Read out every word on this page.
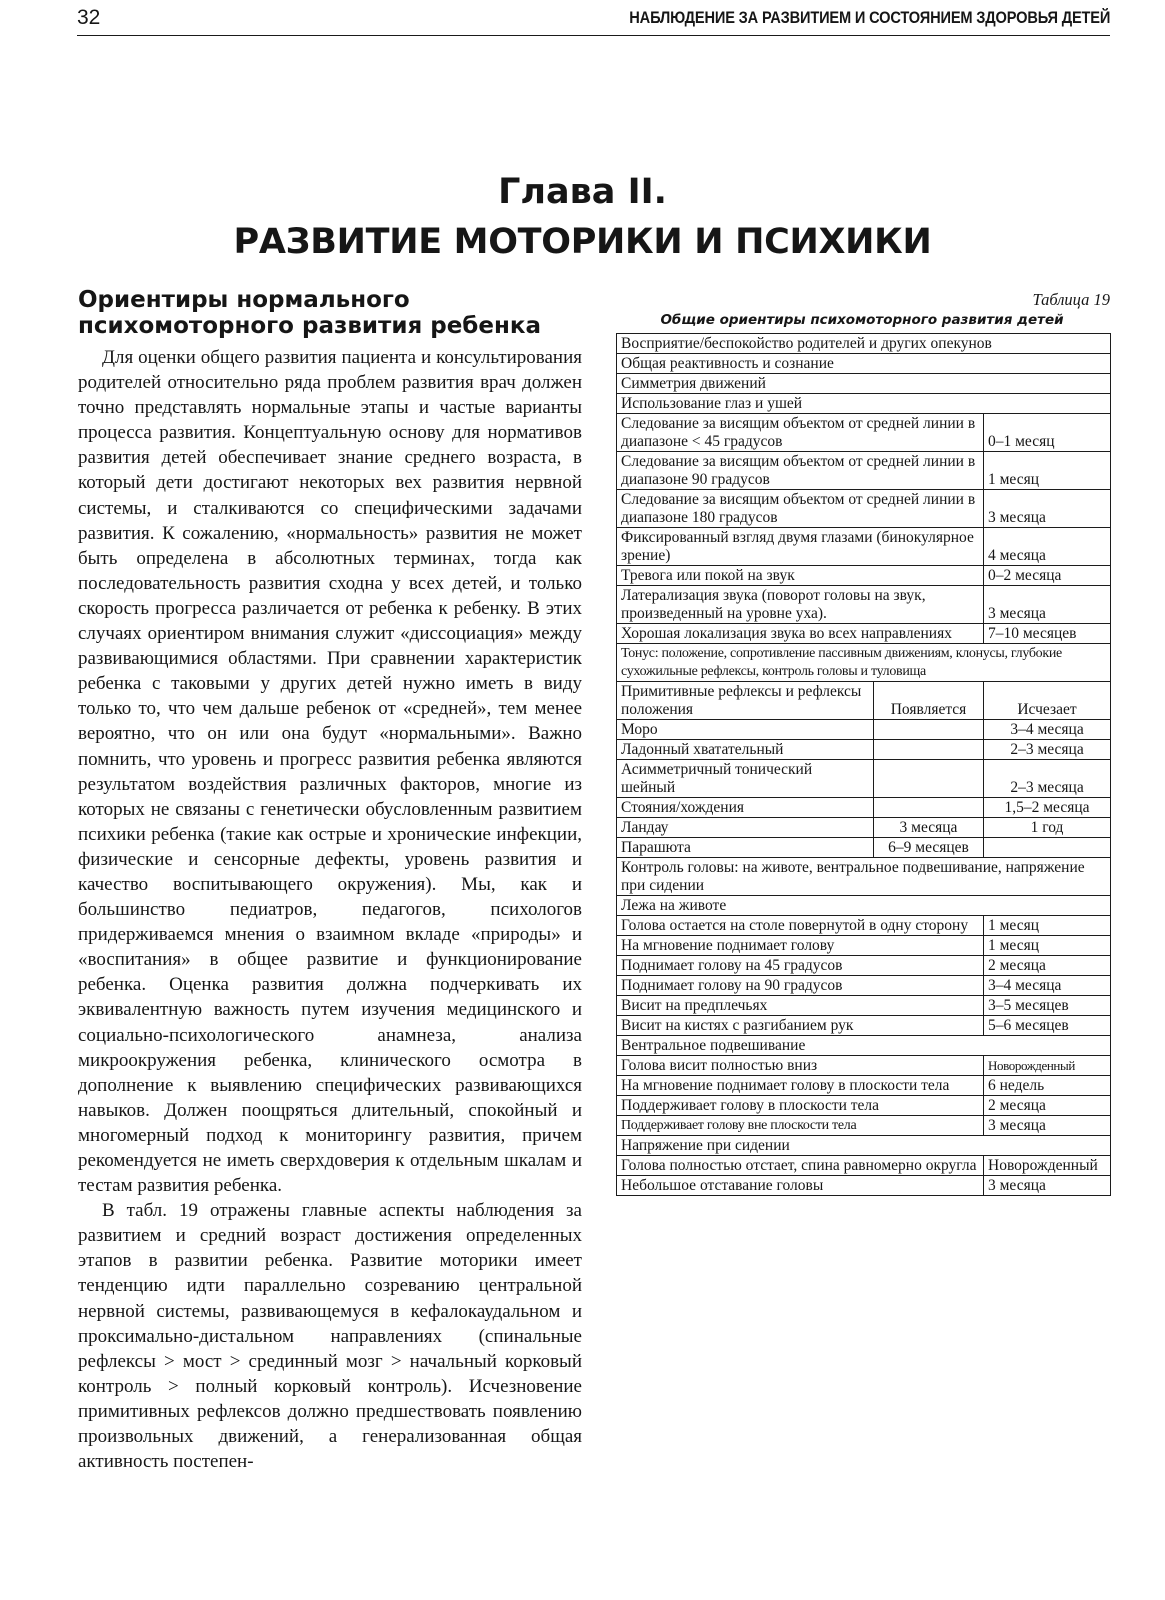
32	НАБЛЮДЕНИЕ ЗА РАЗВИТИЕМ И СОСТОЯНИЕМ ЗДОРОВЬЯ ДЕТЕЙ
Глава II.
РАЗВИТИЕ МОТОРИКИ И ПСИХИКИ
Ориентиры нормального психомоторного развития ребенка

Для оценки общего развития пациента и консультирования родителей относительно ряда проблем развития врач должен точно представлять нормальные этапы и частые варианты процесса развития. Концептуальную основу для нормативов развития детей обеспечивает знание среднего возраста, в который дети достигают некоторых вех развития нервной системы, и сталкиваются со специфическими задачами развития. К сожалению, «нормальность» развития не может быть определена в абсолютных терминах, тогда как последовательность развития сходна у всех детей, и только скорость прогресса различается от ребенка к ребенку. В этих случаях ориентиром внимания служит «диссоциация» между развивающимися областями. При сравнении характеристик ребенка с таковыми у других детей нужно иметь в виду только то, что чем дальше ребенок от «средней», тем менее вероятно, что он или она будут «нормальными». Важно помнить, что уровень и прогресс развития ребенка являются результатом воздействия различных факторов, многие из которых не связаны с генетически обусловленным развитием психики ребенка (такие как острые и хронические инфекции, физические и сенсорные дефекты, уровень развития и качество воспитывающего окружения). Мы, как и большинство педиатров, педагогов, психологов придерживаемся мнения о взаимном вкладе «природы» и «воспитания» в общее развитие и функционирование ребенка. Оценка развития должна подчеркивать их эквивалентную важность путем изучения медицинского и социально-психологического анамнеза, анализа микроокружения ребенка, клинического осмотра в дополнение к выявлению специфических развивающихся навыков. Должен поощряться длительный, спокойный и многомерный подход к мониторингу развития, причем рекомендуется не иметь сверхдоверия к отдельным шкалам и тестам развития ребенка.

В табл. 19 отражены главные аспекты наблюдения за развитием и средний возраст достижения определенных этапов в развитии ребенка. Развитие моторики имеет тенденцию идти параллельно созреванию центральной нервной системы, развивающемуся в кефалокаудальном и проксимально-дистальном направлениях (спинальные рефлексы > мост > срединный мозг > начальный корковый контроль > полный корковый контроль). Исчезновение примитивных рефлексов должно предшествовать появлению произвольных движений, а генерализованная общая активность постепен-

Таблица 19
Общие ориентиры психомоторного развития детей
Восприятие/беспокойство родителей и других опекунов		
Общая реактивность и сознание		
Симметрия движений		
Использование глаз и ушей		
Следование за висящим объектом от средней линии в диапазоне < 45 градусов		0–1 месяц
Следование за висящим объектом от средней линии в диапазоне 90 градусов		1 месяц
Следование за висящим объектом от средней линии в диапазоне 180 градусов		3 месяца
Фиксированный взгляд двумя глазами (бинокулярное зрение)		4 месяца
Тревога или покой на звук		0–2 месяца
Латерализация звука (поворот головы на звук, произведенный на уровне уха).		3 месяца
Хорошая локализация звука во всех направлениях		7–10 месяцев
Тонус: положение, сопротивление пассивным движениям, клонусы, глубокие сухожильные рефлексы, контроль головы и туловища		
Примитивные рефлексы и рефлексы положения	Появляется	Исчезает
Моро		3–4 месяца
Ладонный хватательный		2–3 месяца
Асимметричный тонический шейный		2–3 месяца
Стояния/хождения		1,5–2 месяца
Ландау	3 месяца	1 год
Парашюта	6–9 месяцев	
Контроль головы: на животе, вентральное подвешивание, напряжение при сидении		
Лежа на животе		
Голова остается на столе повернутой в одну сторону		1 месяц
На мгновение поднимает голову		1 месяц
Поднимает голову на 45 градусов		2 месяца
Поднимает голову на 90 градусов		3–4 месяца
Висит на предплечьях		3–5 месяцев
Висит на кистях с разгибанием рук		5–6 месяцев
Вентральное подвешивание		
Голова висит полностью вниз		Новорожденный
На мгновение поднимает голову в плоскости тела		6 недель
Поддерживает голову в плоскости тела		2 месяца
Поддерживает голову вне плоскости тела		3 месяца
Напряжение при сидении		
Голова полностью отстает, спина равномерно округла		Новорожденный
Небольшое отставание головы		3 месяца
